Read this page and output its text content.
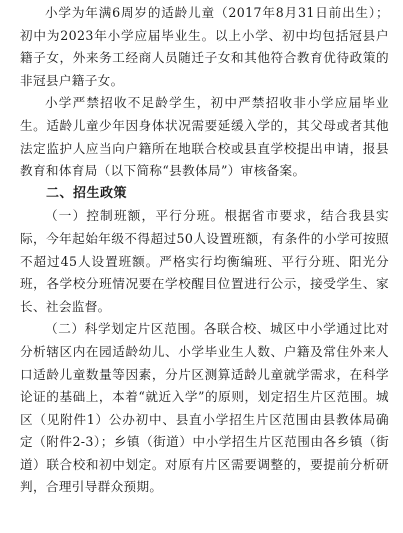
小学为年满6周岁的适龄儿童（2017年8月31日前出生）；初中为2023年小学应届毕业生。以上小学、初中均包括冠县户籍子女，外来务工经商人员随迁子女和其他符合教育优待政策的非冠县户籍子女。

小学严禁招收不足龄学生，初中严禁招收非小学应届毕业生。适龄儿童少年因身体状况需要延缓入学的，其父母或者其他法定监护人应当向户籍所在地联合校或县直学校提出申请，报县教育和体育局（以下简称“县教体局”）审核备案。

二、招生政策

（一）控制班额，平行分班。根据省市要求，结合我县实际，今年起始年级不得超过50人设置班额，有条件的小学可按照不超过45人设置班额。严格实行均衡编班、平行分班、阳光分班，各学校分班情况要在学校醒目位置进行公示，接受学生、家长、社会监督。

（二）科学划定片区范围。各联合校、城区中小学通过比对分析辖区内在园适龄幼儿、小学毕业生人数、户籍及常住外来人口适龄儿童数量等因素，分片区测算适龄儿童就学需求，在科学论证的基础上，本着“就近入学”的原则，划定招生片区范围。城区（见附件1）公办初中、县直小学招生片区范围由县教体局确定（附件2-3）；乡镇（街道）中小学招生片区范围由各乡镇（街道）联合校和初中划定。对原有片区需要调整的，要提前分析研判，合理引导群众预期。
